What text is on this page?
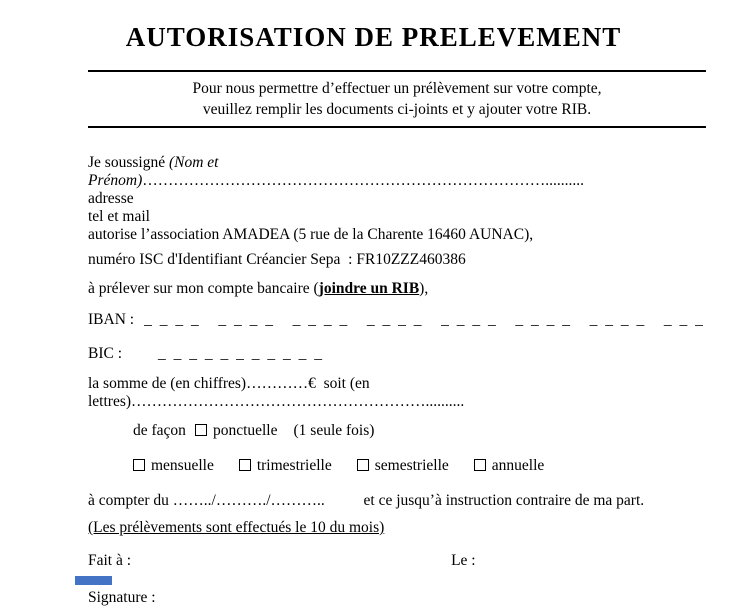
AUTORISATION DE PRELEVEMENT
Pour nous permettre d’effectuer un prélèvement sur votre compte,
veuillez remplir les documents ci-joints et y ajouter votre RIB.

Je soussigné (Nom et Prénom)……………………………………………………………………..........

adresse

tel et mail

autorise l’association AMADEA (5 rue de la Charente 16460 AUNAC),

numéro ISC d'Identifiant Créancier Sepa  : FR10ZZZ460386

à prélever sur mon compte bancaire (joindre un RIB),

IBAN : _ _ _ _   _ _ _ _   _ _ _ _   _ _ _ _   _ _ _ _   _ _ _ _   _ _ _ _   _ _ _

BIC : _ _ _ _ _ _ _ _ _ _ _

la somme de (en chiffres)…………€  soit (en lettres)…………………………………………………..........

de façon ponctuelle (1 seule fois)

mensuelle	trimestrielle	semestrielle	annuelle

à compter du ……../………./………..          et ce jusqu’à instruction contraire de ma part.

(Les prélèvements sont effectués le 10 du mois)

Fait à :	Le :

Signature :
